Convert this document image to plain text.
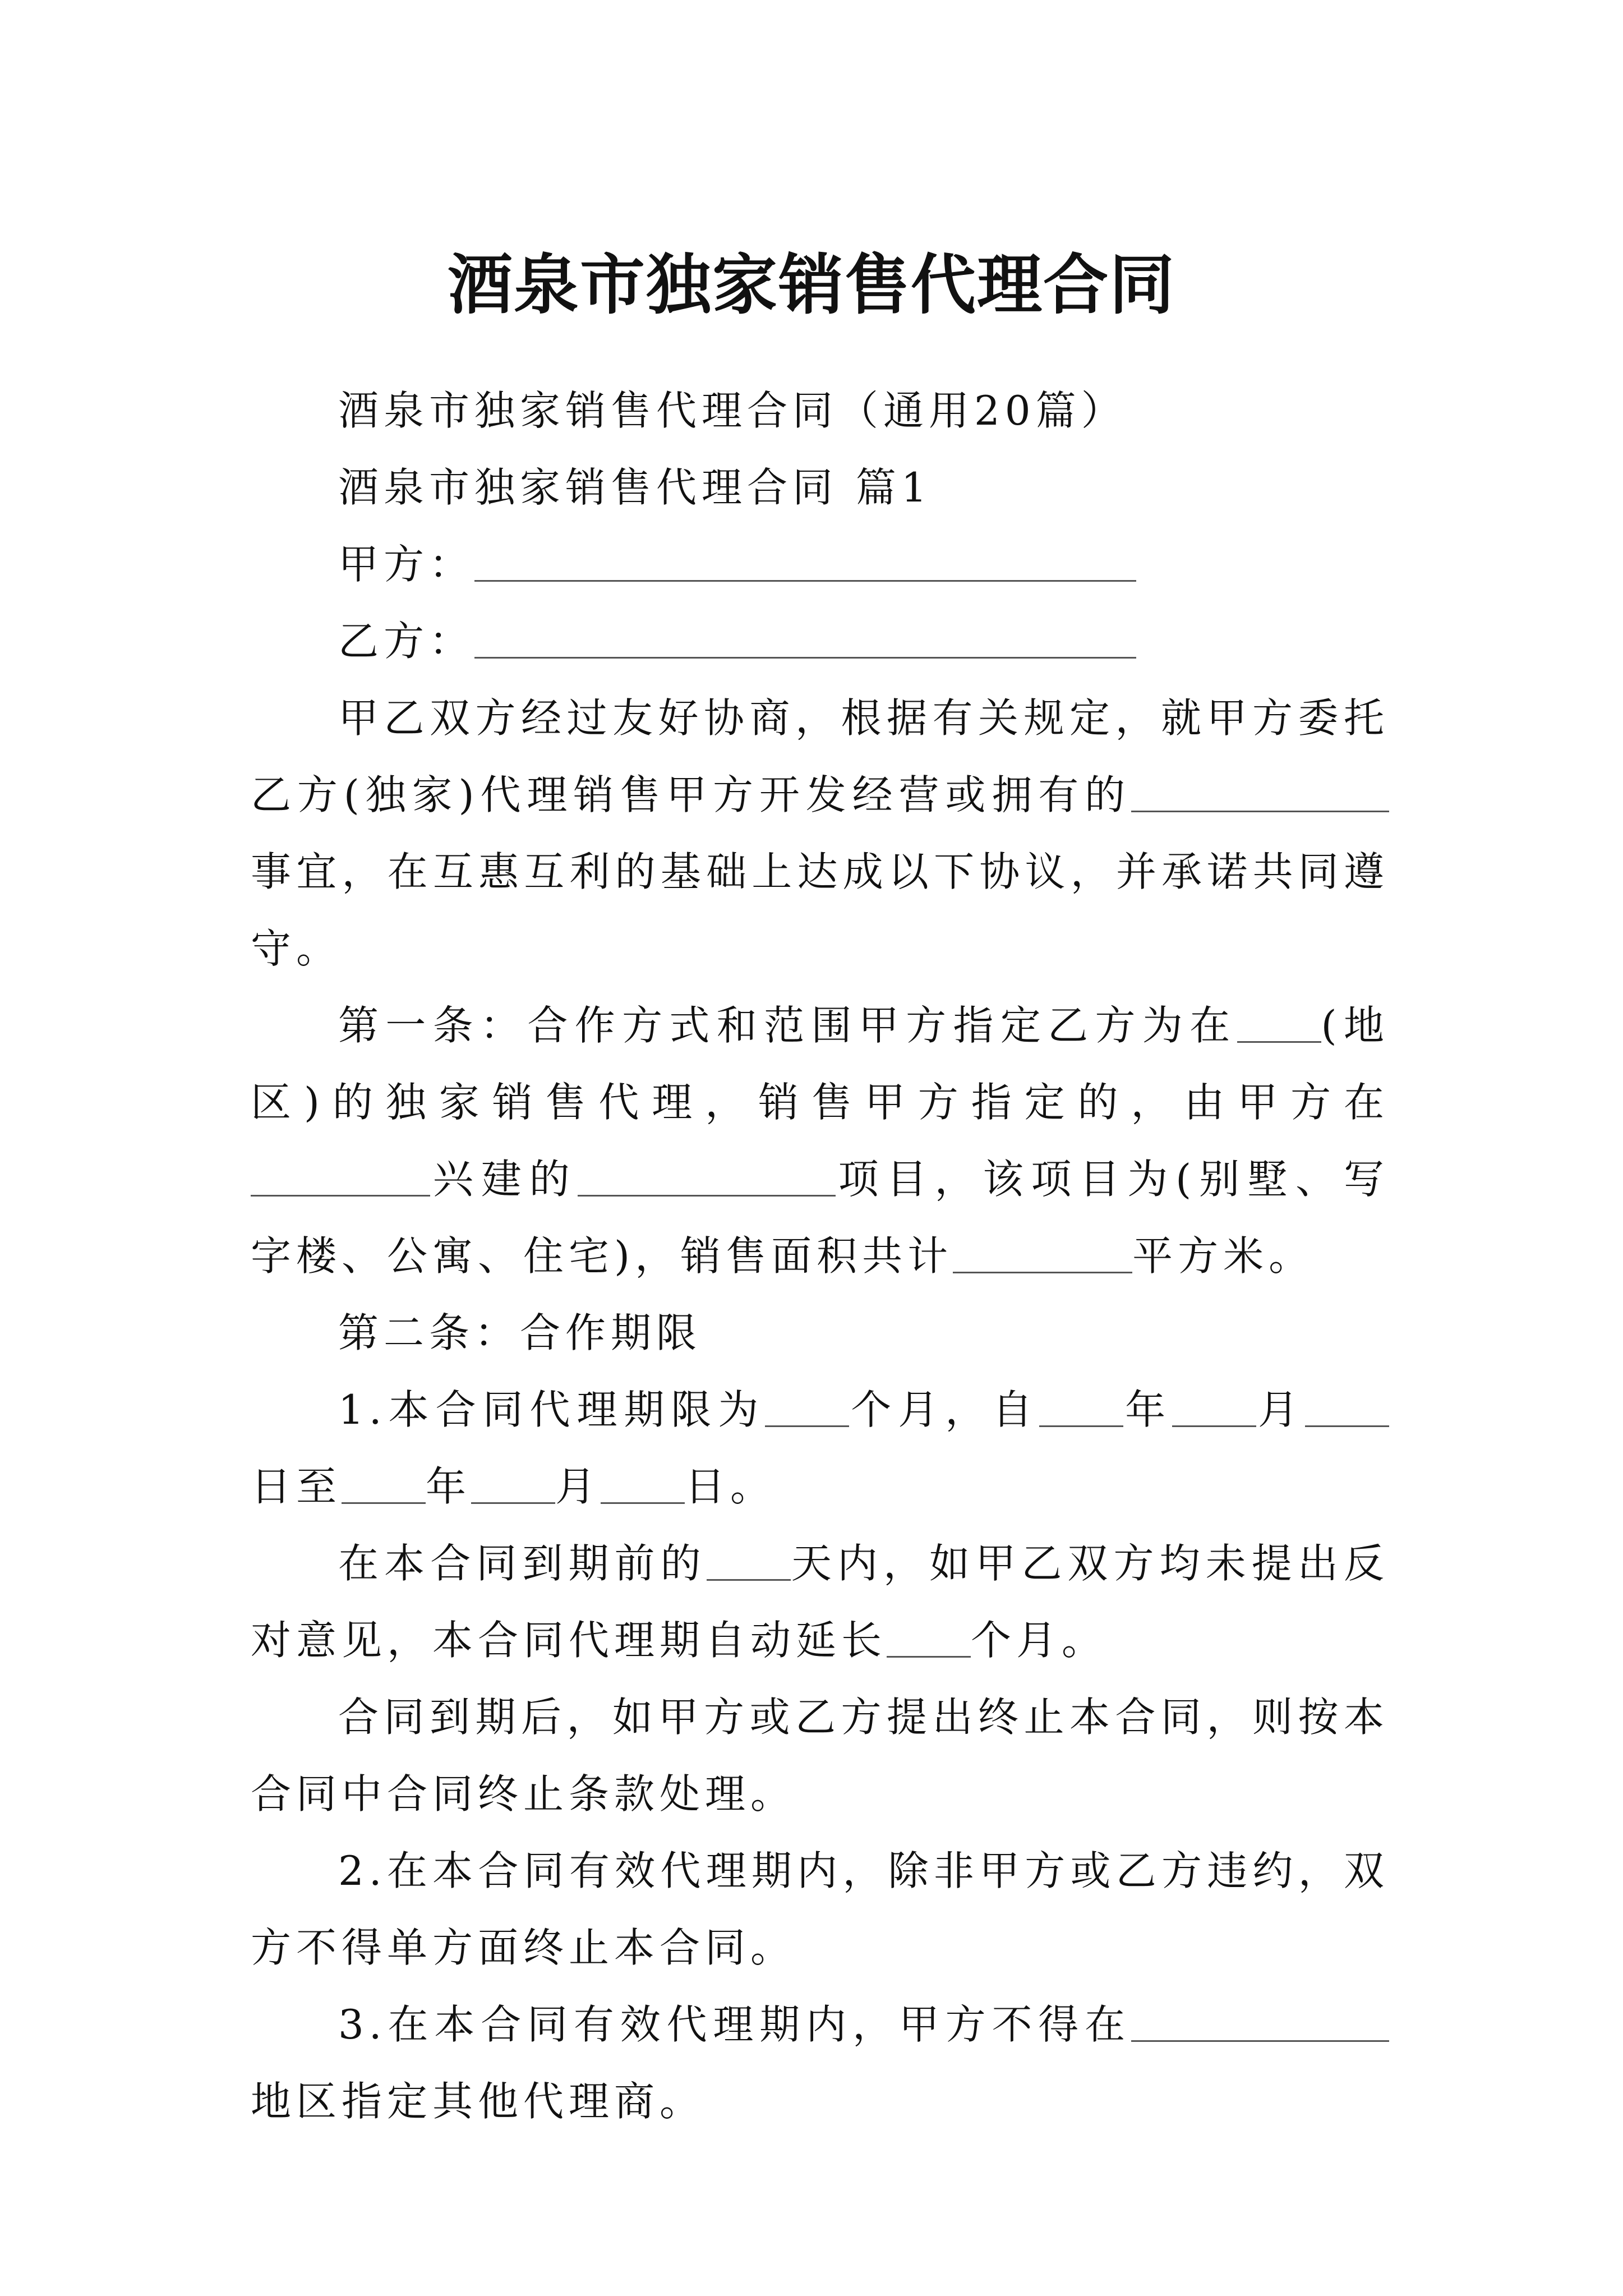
酒泉市独家销售代理合同

酒泉市独家销售代理合同（通用20篇）

酒泉市独家销售代理合同 篇1

甲方：

乙方：

甲乙双方经过友好协商，根据有关规定，就甲方委托乙方(独家)代理销售甲方开发经营或拥有的事宜，在互惠互利的基础上达成以下协议，并承诺共同遵守。

第一条：合作方式和范围甲方指定乙方为在 (地区)的独家销售代理，销售甲方指定的，由甲方在兴建的	项目，该项目为(别墅、写字楼、公寓、住宅)，销售面积共计	平方米。

第二条：合作期限

1.本合同代理期限为 个月，自 年 月日至 年 月 日。

在本合同到期前的 天内，如甲乙双方均未提出反对意见，本合同代理期自动延长 个月。

合同到期后，如甲方或乙方提出终止本合同，则按本合同中合同终止条款处理。

2.在本合同有效代理期内，除非甲方或乙方违约，双方不得单方面终止本合同。

3.在本合同有效代理期内，甲方不得在地区指定其他代理商。
